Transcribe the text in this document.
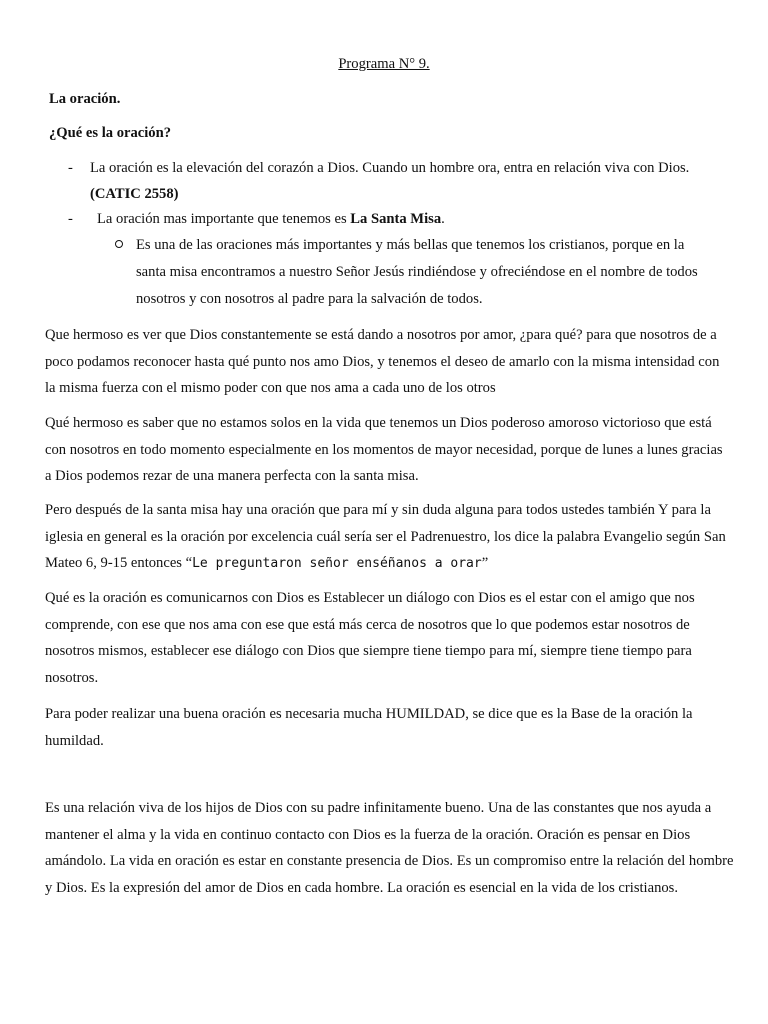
Programa N° 9.

La oración.

¿Qué es la oración?

- La oración es la elevación del corazón a Dios. Cuando un hombre ora, entra en relación viva con Dios.
(CATIC 2558)
- La oración mas importante que tenemos es La Santa Misa.
Es una de las oraciones más importantes y más bellas que tenemos los cristianos, porque en la santa misa encontramos a nuestro Señor Jesús rindiéndose y ofreciéndose en el nombre de todos nosotros y con nosotros al padre para la salvación de todos.

Que hermoso es ver que Dios constantemente se está dando a nosotros por amor, ¿para qué? para que nosotros de a poco podamos reconocer hasta qué punto nos amo Dios, y tenemos el deseo de amarlo con la misma intensidad con la misma fuerza con el mismo poder con que nos ama a cada uno de los otros

Qué hermoso es saber que no estamos solos en la vida que tenemos un Dios poderoso amoroso victorioso que está con nosotros en todo momento especialmente en los momentos de mayor necesidad, porque de lunes a lunes gracias a Dios podemos rezar de una manera perfecta con la santa misa.

Pero después de la santa misa hay una oración que para mí y sin duda alguna para todos ustedes también Y para la iglesia en general es la oración por excelencia cuál sería ser el Padrenuestro, los dice la palabra Evangelio según San Mateo 6, 9-15 entonces “Le preguntaron señor enséñanos a orar”

Qué es la oración es comunicarnos con Dios es Establecer un diálogo con Dios es el estar con el amigo que nos comprende, con ese que nos ama con ese que está más cerca de nosotros que lo que podemos estar nosotros de nosotros mismos, establecer ese diálogo con Dios que siempre tiene tiempo para mí, siempre tiene tiempo para nosotros.

Para poder realizar una buena oración es necesaria mucha HUMILDAD, se dice que es la Base de la oración la humildad.

Es una relación viva de los hijos de Dios con su padre infinitamente bueno. Una de las constantes que nos ayuda a mantener el alma y la vida en continuo contacto con Dios es la fuerza de la oración. Oración es pensar en Dios amándolo. La vida en oración es estar en constante presencia de Dios. Es un compromiso entre la relación del hombre y Dios. Es la expresión del amor de Dios en cada hombre. La oración es esencial en la vida de los cristianos.
